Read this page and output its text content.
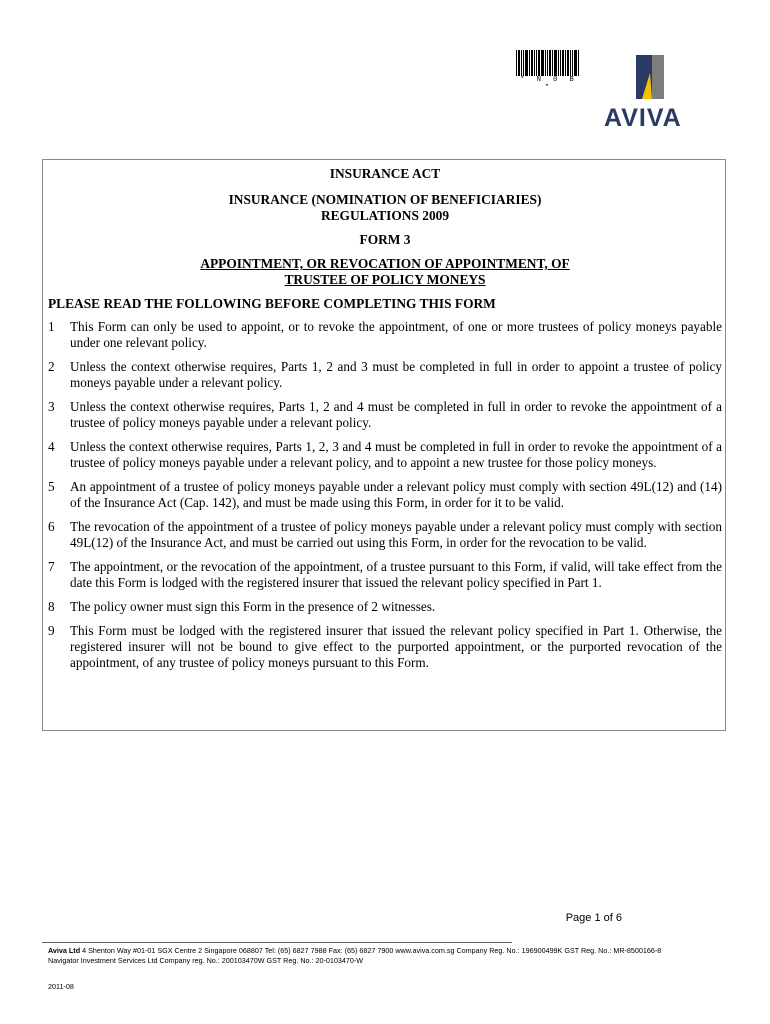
* N 0 B *
AVIVA
INSURANCE ACT
INSURANCE (NOMINATION OF BENEFICIARIES)
REGULATIONS 2009
FORM 3
APPOINTMENT, OR REVOCATION OF APPOINTMENT, OF
TRUSTEE OF POLICY MONEYS
PLEASE READ THE FOLLOWING BEFORE COMPLETING THIS FORM
1	This Form can only be used to appoint, or to revoke the appointment, of one or more trustees of policy moneys payable under one relevant policy.
2	Unless the context otherwise requires, Parts 1, 2 and 3 must be completed in full in order to appoint a trustee of policy moneys payable under a relevant policy.
3	Unless the context otherwise requires, Parts 1, 2 and 4 must be completed in full in order to revoke the appointment of a trustee of policy moneys payable under a relevant policy.
4	Unless the context otherwise requires, Parts 1, 2, 3 and 4 must be completed in full in order to revoke the appointment of a trustee of policy moneys payable under a relevant policy, and to appoint a new trustee for those policy moneys.
5	An appointment of a trustee of policy moneys payable under a relevant policy must comply with section 49L(12) and (14) of the Insurance Act (Cap. 142), and must be made using this Form, in order for it to be valid.
6	The revocation of the appointment of a trustee of policy moneys payable under a relevant policy must comply with section 49L(12) of the Insurance Act, and must be carried out using this Form, in order for the revocation to be valid.
7	The appointment, or the revocation of the appointment, of a trustee pursuant to this Form, if valid, will take effect from the date this Form is lodged with the registered insurer that issued the relevant policy specified in Part 1.
8	The policy owner must sign this Form in the presence of 2 witnesses.
9	This Form must be lodged with the registered insurer that issued the relevant policy specified in Part 1. Otherwise, the registered insurer will not be bound to give effect to the purported appointment, or the purported revocation of the appointment, of any trustee of policy moneys pursuant to this Form.
Page 1 of 6
Aviva Ltd 4 Shenton Way #01-01 SGX Centre 2 Singapore 068807 Tel: (65) 6827 7988 Fax: (65) 6827 7900 www.aviva.com.sg Company Reg. No.: 196900499K GST Reg. No.: MR-8500166-8
Navigator Investment Services Ltd Company reg. No.: 200103470W GST Reg. No.: 20-0103470-W
2011-08
